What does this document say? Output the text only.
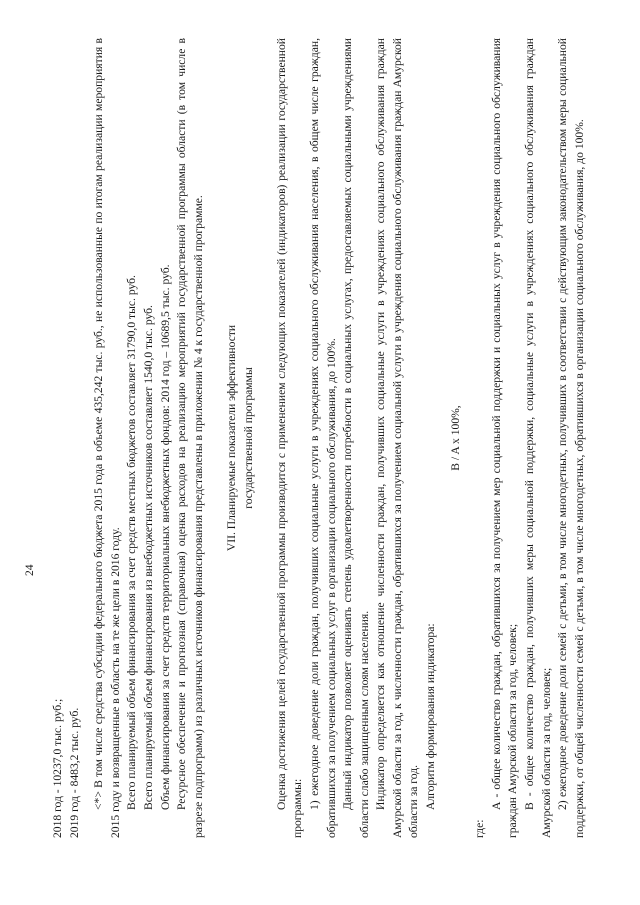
24

2018 год - 10237,0 тыс. руб.; 2019 год - 8483,2 тыс. руб. <*> В том числе средства субсидии федерального бюджета 2015 года в объеме 435,242 тыс. руб., не использованные по итогам реализации мероприятия в 2015 году и возвращенные в область на те же цели в 2016 году. Всего планируемый объем финансирования за счет средств местных бюджетов составляет 31790,0 тыс. руб. Всего планируемый объем финансирования из внебюджетных источников составляет 1540,0 тыс. руб. Объем финансирования за счет средств территориальных внебюджетных фондов: 2014 год – 10689,5 тыс. руб. Ресурсное обеспечение и прогнозная (справочная) оценка расходов на реализацию мероприятий государственной программы области (в том числе в разрезе подпрограмм) из различных источников финансирования представлены в приложении № 4 к государственной программе. VII. Планируемые показатели эффективности государственной программы Оценка достижения целей государственной программы производится с применением следующих показателей (индикаторов) реализации государственной программы: 1) ежегодное доведение доли граждан, получивших социальные услуги в учреждениях социального обслуживания населения, в общем числе граждан, обратившихся за получением социальных услуг в организации социального обслуживания, до 100%. Данный индикатор позволяет оценивать степень удовлетворенности потребности в социальных услугах, предоставляемых социальными учреждениями области слабо защищенным слоям населения. Индикатор определяется как отношение численности граждан, получивших социальные услуги в учреждениях социального обслуживания граждан Амурской области за год, к численности граждан, обратившихся за получением социальной услуги в учреждения социального обслуживания граждан Амурской области за год. Алгоритм формирования индикатора:

B / A x 100%,

где:

А - общее количество граждан, обратившихся за получением мер социальной поддержки и социальных услуг в учреждения социального обслуживания граждан Амурской области за год, человек; В - общее количество граждан, получивших меры социальной поддержки, социальные услуги в учреждениях социального обслуживания граждан Амурской области за год, человек; 2) ежегодное доведение доли семей с детьми, в том числе многодетных, получивших в соответствии с действующим законодательством меры социальной поддержки, от общей численности семей с детьми, в том числе многодетных, обратившихся в организации социального обслуживания, до 100%.
